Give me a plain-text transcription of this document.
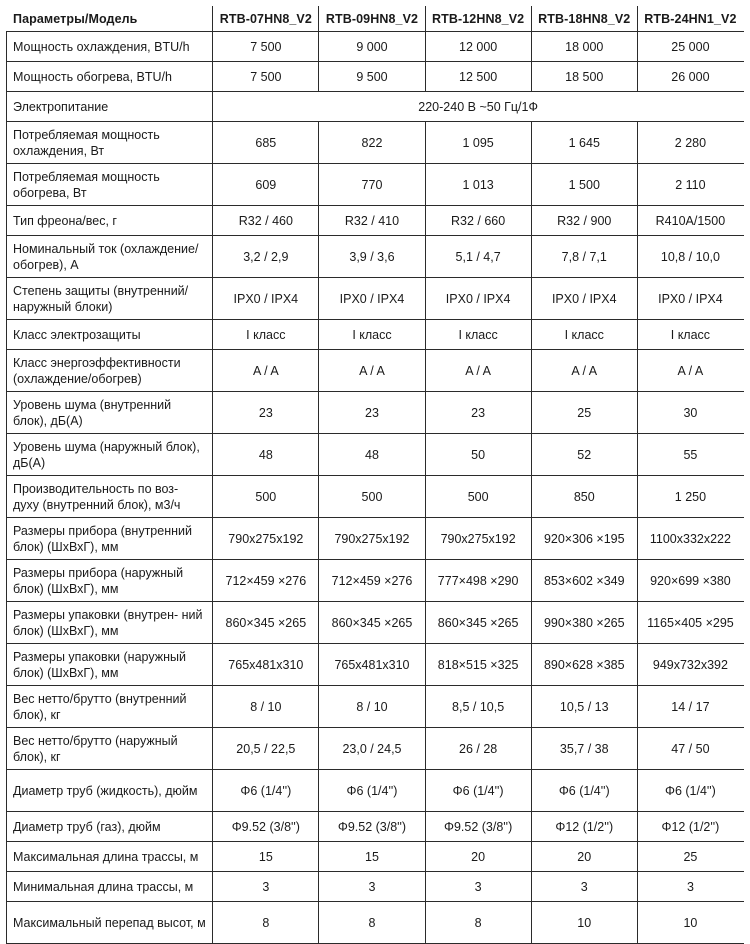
Параметры/Модель	RTB-07HN8_V2	RTB-09HN8_V2	RTB-12HN8_V2	RTB-18HN8_V2	RTB-24HN1_V2
Мощность охлаждения, BTU/h	7 500	9 000	12 000	18 000	25 000
Мощность обогрева, BTU/h	7 500	9 500	12 500	18 500	26 000
Электропитание	220-240 В ~50 Гц/1Ф				
Потребляемая мощность охлаждения, Вт	685	822	1 095	1 645	2 280
Потребляемая мощность обогрева, Вт	609	770	1 013	1 500	2 110
Тип фреона/вес, г	R32 / 460	R32 / 410	R32 / 660	R32 / 900	R410A/1500
Номинальный ток (охлаждение/обогрев), А	3,2 / 2,9	3,9 / 3,6	5,1 / 4,7	7,8 / 7,1	10,8 / 10,0
Степень защиты (внутренний/ наружный блоки)	IPX0 / IPX4	IPX0 / IPX4	IPX0 / IPX4	IPX0 / IPX4	IPX0 / IPX4
Класс электрозащиты	I класс	I класс	I класс	I класс	I класс
Класс энергоэффективности (охлаждение/обогрев)	A / A	A / A	A / A	A / A	A / A
Уровень шума (внутренний блок), дБ(А)	23	23	23	25	30
Уровень шума (наружный блок), дБ(А)	48	48	50	52	55
Производительность по воз- духу (внутренний блок), м3/ч	500	500	500	850	1 250
Размеры прибора (внутренний блок) (ШхВхГ), мм	790x275x192	790x275x192	790x275x192	920×306 ×195	1100x332x222
Размеры прибора (наружный блок) (ШхВхГ), мм	712×459 ×276	712×459 ×276	777×498 ×290	853×602 ×349	920×699 ×380
Размеры упаковки (внутрен- ний блок) (ШхВхГ), мм	860×345 ×265	860×345 ×265	860×345 ×265	990×380 ×265	1165×405 ×295
Размеры упаковки (наружный блок) (ШхВхГ), мм	765x481x310	765x481x310	818×515 ×325	890×628 ×385	949x732x392
Вес нетто/брутто (внутренний блок), кг	8 / 10	8 / 10	8,5 / 10,5	10,5 / 13	14 / 17
Вес нетто/брутто (наружный блок), кг	20,5 / 22,5	23,0 / 24,5	26 / 28	35,7 / 38	47 / 50
Диаметр труб (жидкость), дюйм	Φ6 (1/4'')	Φ6 (1/4'')	Φ6 (1/4'')	Φ6 (1/4'')	Φ6 (1/4'')
Диаметр труб (газ), дюйм	Φ9.52 (3/8'')	Φ9.52 (3/8'')	Φ9.52 (3/8'')	Φ12 (1/2'')	Φ12 (1/2'')
Максимальная длина трассы, м	15	15	20	20	25
Минимальная длина трассы, м	3	3	3	3	3
Максимальный перепад высот, м	8	8	8	10	10
